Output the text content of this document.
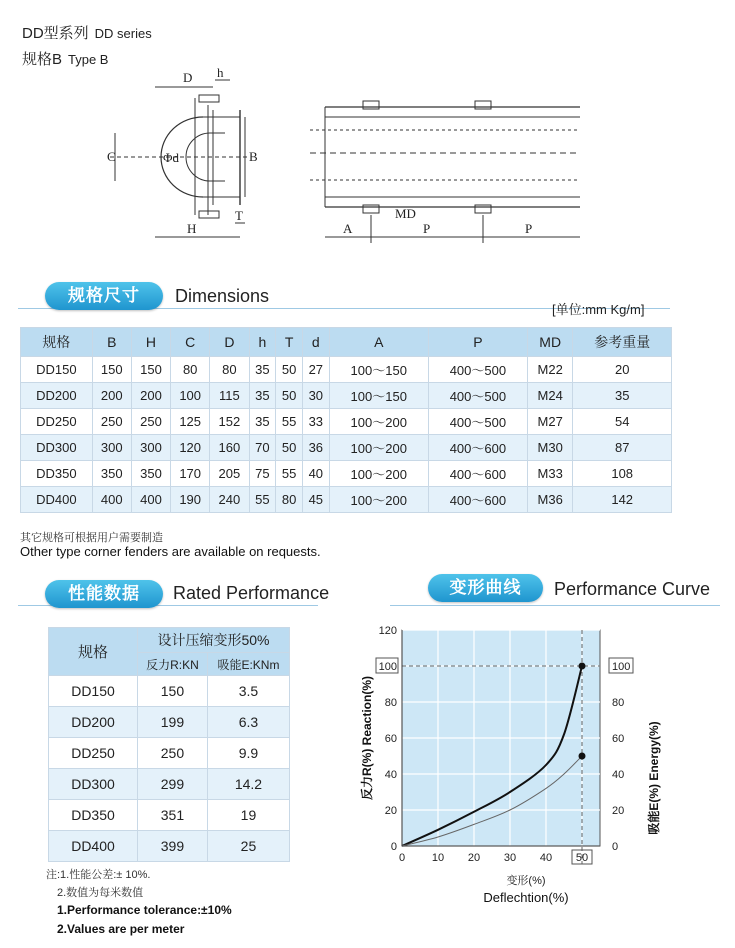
DD型系列 DD series
规格B Type B
D h
C	Φd	B
H
T	MD
A	P	P
规格尺寸	Dimensions
[单位:mm Kg/m]
规格	B	H	C	D	h	T	d	A	P	MD	参考重量
DD150	150	150	80	80	35	50	27	100～150	400～500	M22	20
DD200	200	200	100	115	35	50	30	100～150	400～500	M24	35
DD250	250	250	125	152	35	55	33	100～200	400～500	M27	54
DD300	300	300	120	160	70	50	36	100～200	400～600	M30	87
DD350	350	350	170	205	75	55	40	100～200	400～600	M33	108
DD400	400	400	190	240	55	80	45	100～200	400～600	M36	142
其它规格可根据用户需要制造
Other type corner fenders are available on requests.
性能数据	Rated Performance
规格	设计压缩变形50%	
	反力R:KN	吸能E:KNm
DD150	150	3.5
DD200	199	6.3
DD250	250	9.9
DD300	299	14.2
DD350	351	19
DD400	399	25
注:1.性能公差:± 10%.
2.数值为每米数值
1.Performance tolerance:±10%
2.Values are per meter
变形曲线	Performance Curve
0
20
40
60
80
100
120
0 10 20 30 40 50
0
20
40
60
80
100
反力R(%) Reaction(%)	吸能E(%) Energy(%)
变形(%)
Deflechtion(%)
